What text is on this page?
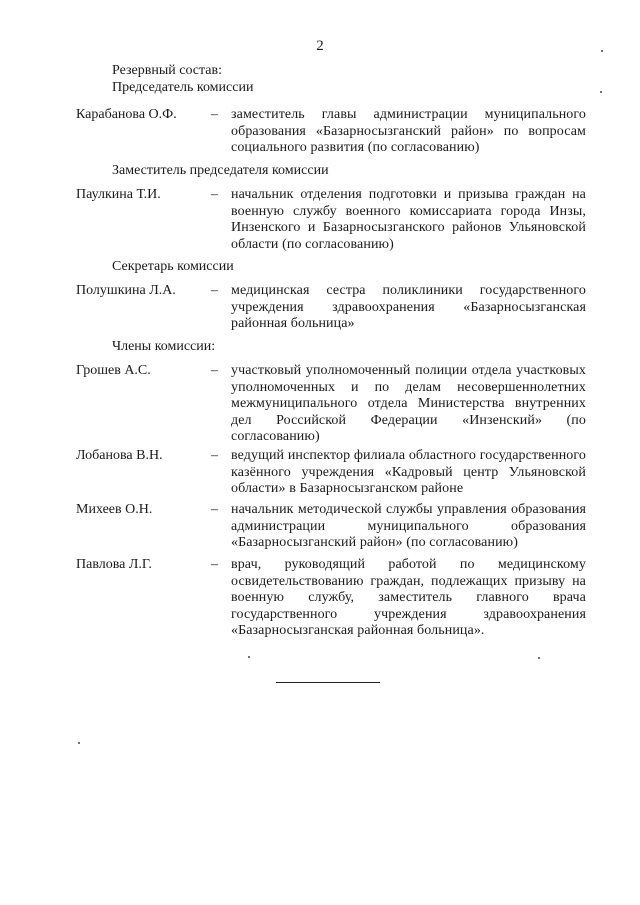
2
Резервный состав:
Председатель комиссии
Карабанова О.Ф. – заместитель главы администрации муниципального образования «Базарносызганский район» по вопросам социального развития (по согласованию)
Заместитель председателя комиссии
Паулкина Т.И.	– начальник отделения подготовки и призыва граждан на военную службу военного комиссариата города Инзы, Инзенского и Базарносызганского районов Ульяновской области (по согласованию)
Секретарь комиссии
Полушкина Л.А.	– медицинская сестра поликлиники государственного учреждения здравоохранения «Базарносызганская районная больница»
Члены комиссии:
Грошев А.С.	– участковый уполномоченный полиции отдела участковых уполномоченных и по делам несовершеннолетних межмуниципального отдела Министерства внутренних дел Российской Федерации «Инзенский» (по согласованию)
Лобанова В.Н.	– ведущий инспектор филиала областного государственного казённого учреждения «Кадровый центр Ульяновской области» в Базарносызганском районе
Михеев О.Н.	– начальник методической службы управления образования администрации муниципального образования «Базарносызганский район» (по согласованию)
Павлова Л.Г.	– врач, руководящий работой по медицинскому освидетельствованию граждан, подлежащих призыву на военную службу, заместитель главного врача государственного учреждения здравоохранения «Базарносызганская районная больница».
